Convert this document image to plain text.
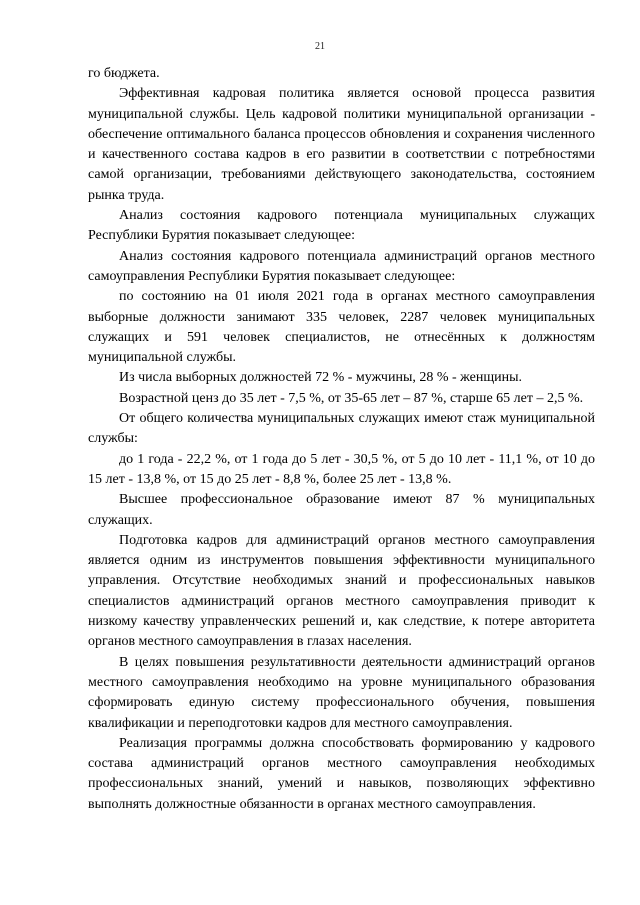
21

го бюджета.

Эффективная кадровая политика является основой процесса развития муниципальной службы. Цель кадровой политики муниципальной организации - обеспечение оптимального баланса процессов обновления и сохранения численного и качественного состава кадров в его развитии в соответствии с потребностями самой организации, требованиями действующего законодательства, состоянием рынка труда.

Анализ состояния кадрового потенциала муниципальных служащих Республики Бурятия показывает следующее:

Анализ состояния кадрового потенциала администраций органов местного самоуправления Республики Бурятия показывает следующее:

по состоянию на 01 июля 2021 года в органах местного самоуправления выборные должности занимают 335 человек, 2287 человек муниципальных служащих и 591 человек специалистов, не отнесённых к должностям муниципальной службы.

Из числа выборных должностей 72 % - мужчины, 28 % - женщины.

Возрастной ценз до 35 лет - 7,5 %, от 35-65 лет – 87 %, старше 65 лет – 2,5 %.

От общего количества муниципальных служащих имеют стаж муниципальной службы:

до 1 года - 22,2 %, от 1 года до 5 лет - 30,5 %, от 5 до 10 лет - 11,1 %, от 10 до 15 лет - 13,8 %, от 15 до 25 лет - 8,8 %, более 25 лет - 13,8 %.

Высшее профессиональное образование имеют 87 % муниципальных служащих.

Подготовка кадров для администраций органов местного самоуправления является одним из инструментов повышения эффективности муниципального управления. Отсутствие необходимых знаний и профессиональных навыков специалистов администраций органов местного самоуправления приводит к низкому качеству управленческих решений и, как следствие, к потере авторитета органов местного самоуправления в глазах населения.

В целях повышения результативности деятельности администраций органов местного самоуправления необходимо на уровне муниципального образования сформировать единую систему профессионального обучения, повышения квалификации и переподготовки кадров для местного самоуправления.

Реализация программы должна способствовать формированию у кадрового состава администраций органов местного самоуправления необходимых профессиональных знаний, умений и навыков, позволяющих эффективно выполнять должностные обязанности в органах местного самоуправления.
